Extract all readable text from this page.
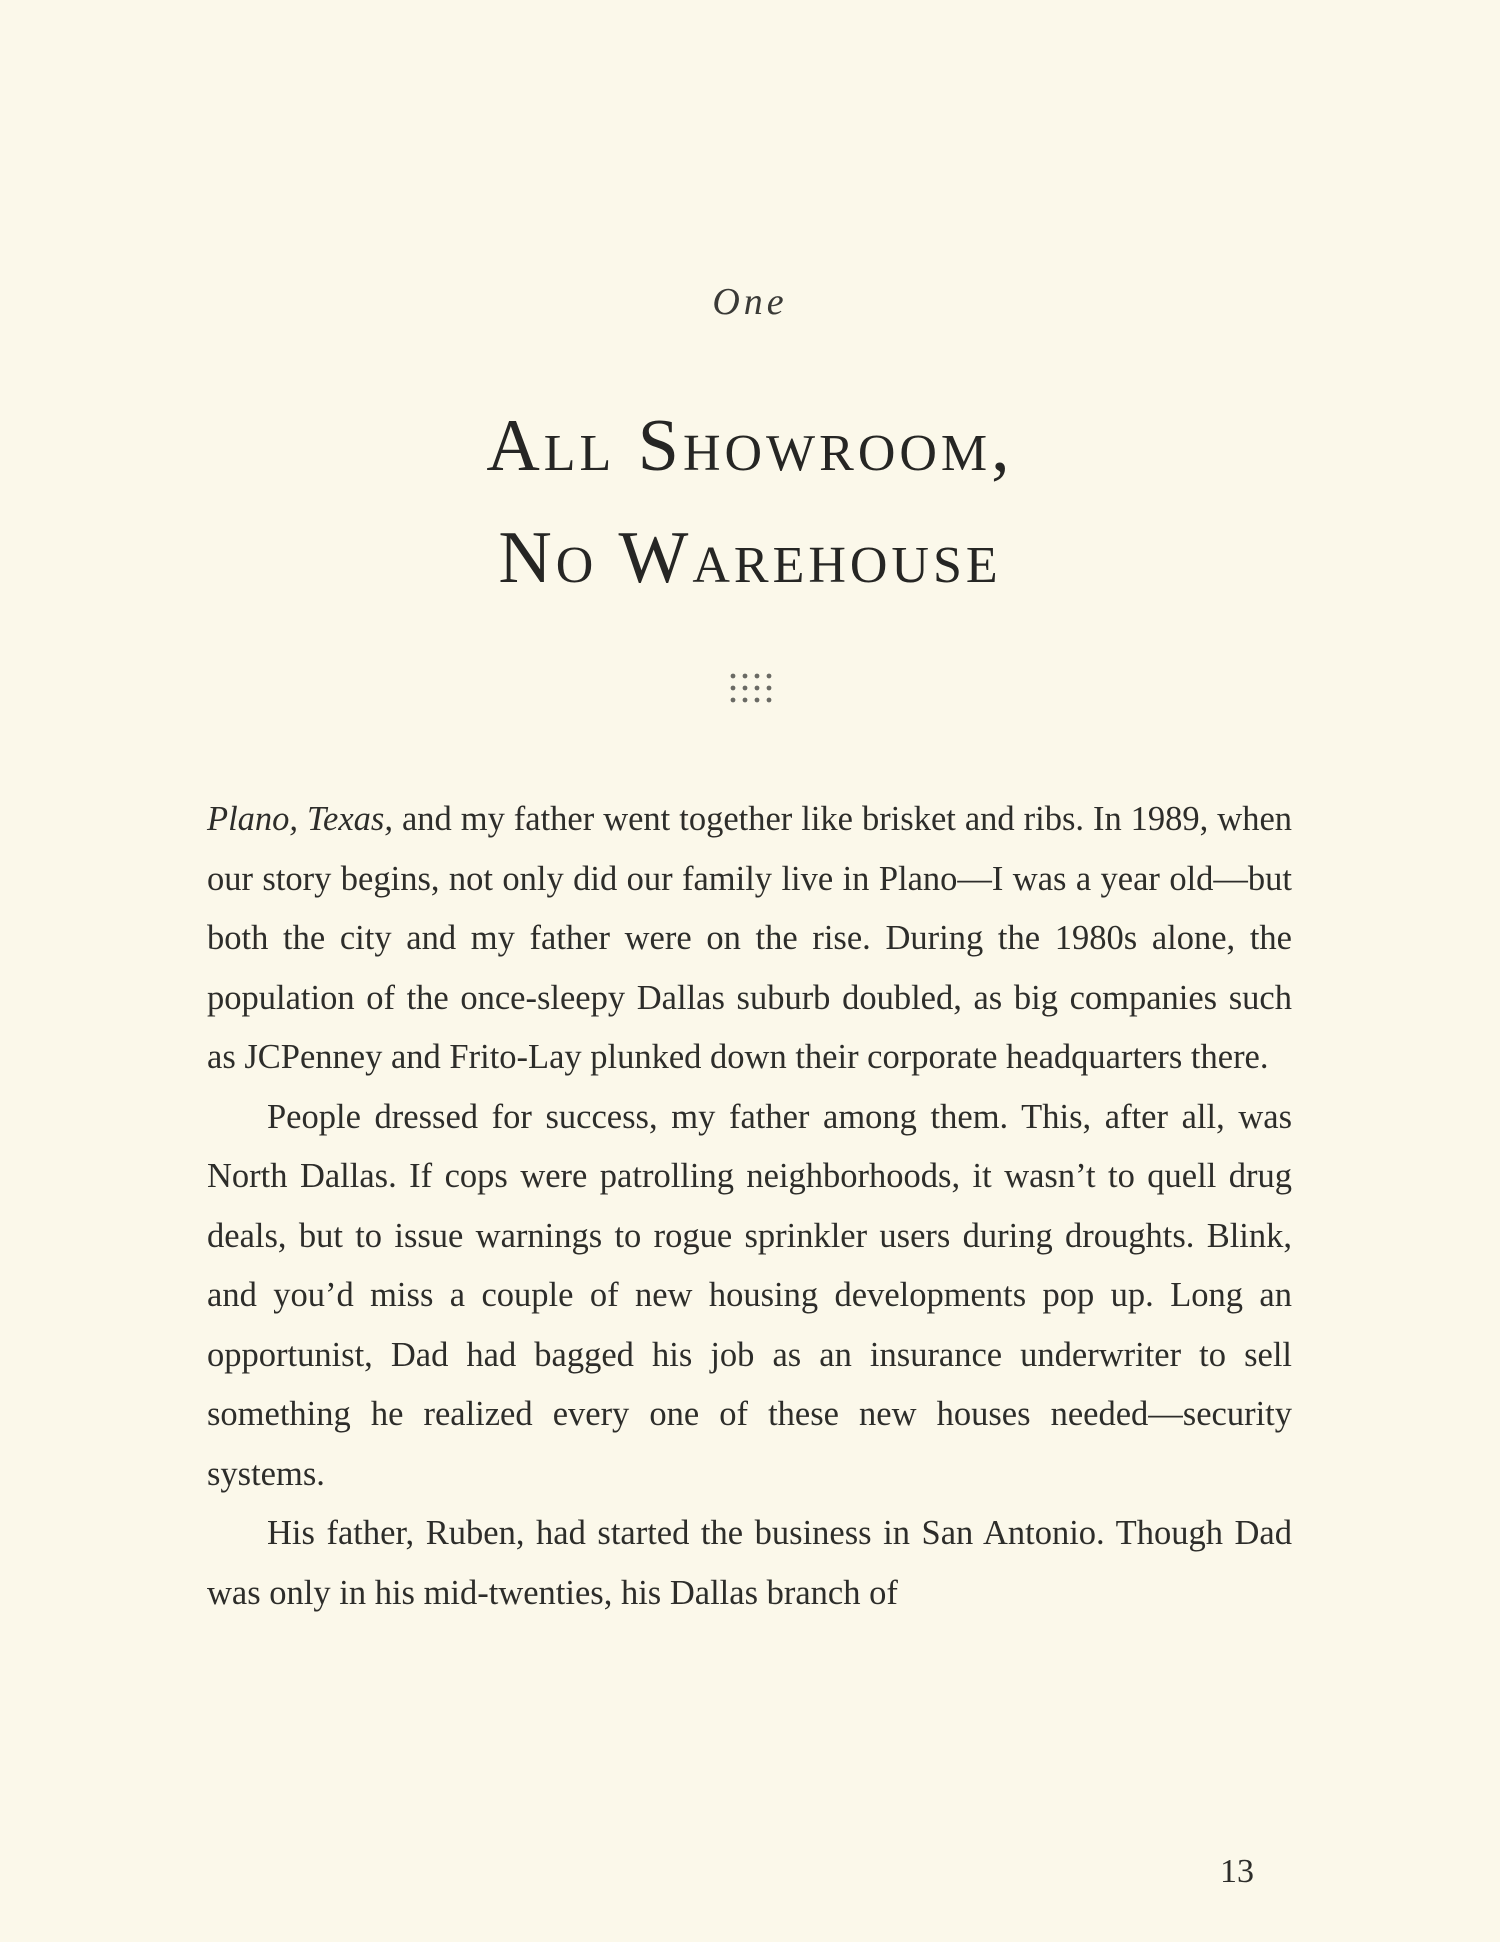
One
All Showroom,
No Warehouse

Plano, Texas, and my father went together like brisket and ribs. In 1989, when our story begins, not only did our family live in Plano—I was a year old—but both the city and my father were on the rise. During the 1980s alone, the population of the once-sleepy Dallas suburb doubled, as big companies such as JCPenney and Frito-Lay plunked down their corporate headquarters there.

People dressed for success, my father among them. This, after all, was North Dallas. If cops were patrolling neighborhoods, it wasn’t to quell drug deals, but to issue warnings to rogue sprinkler users during droughts. Blink, and you’d miss a couple of new housing developments pop up. Long an opportunist, Dad had bagged his job as an insurance underwriter to sell something he realized every one of these new houses needed—security systems.

His father, Ruben, had started the business in San Antonio. Though Dad was only in his mid-twenties, his Dallas branch of

13
